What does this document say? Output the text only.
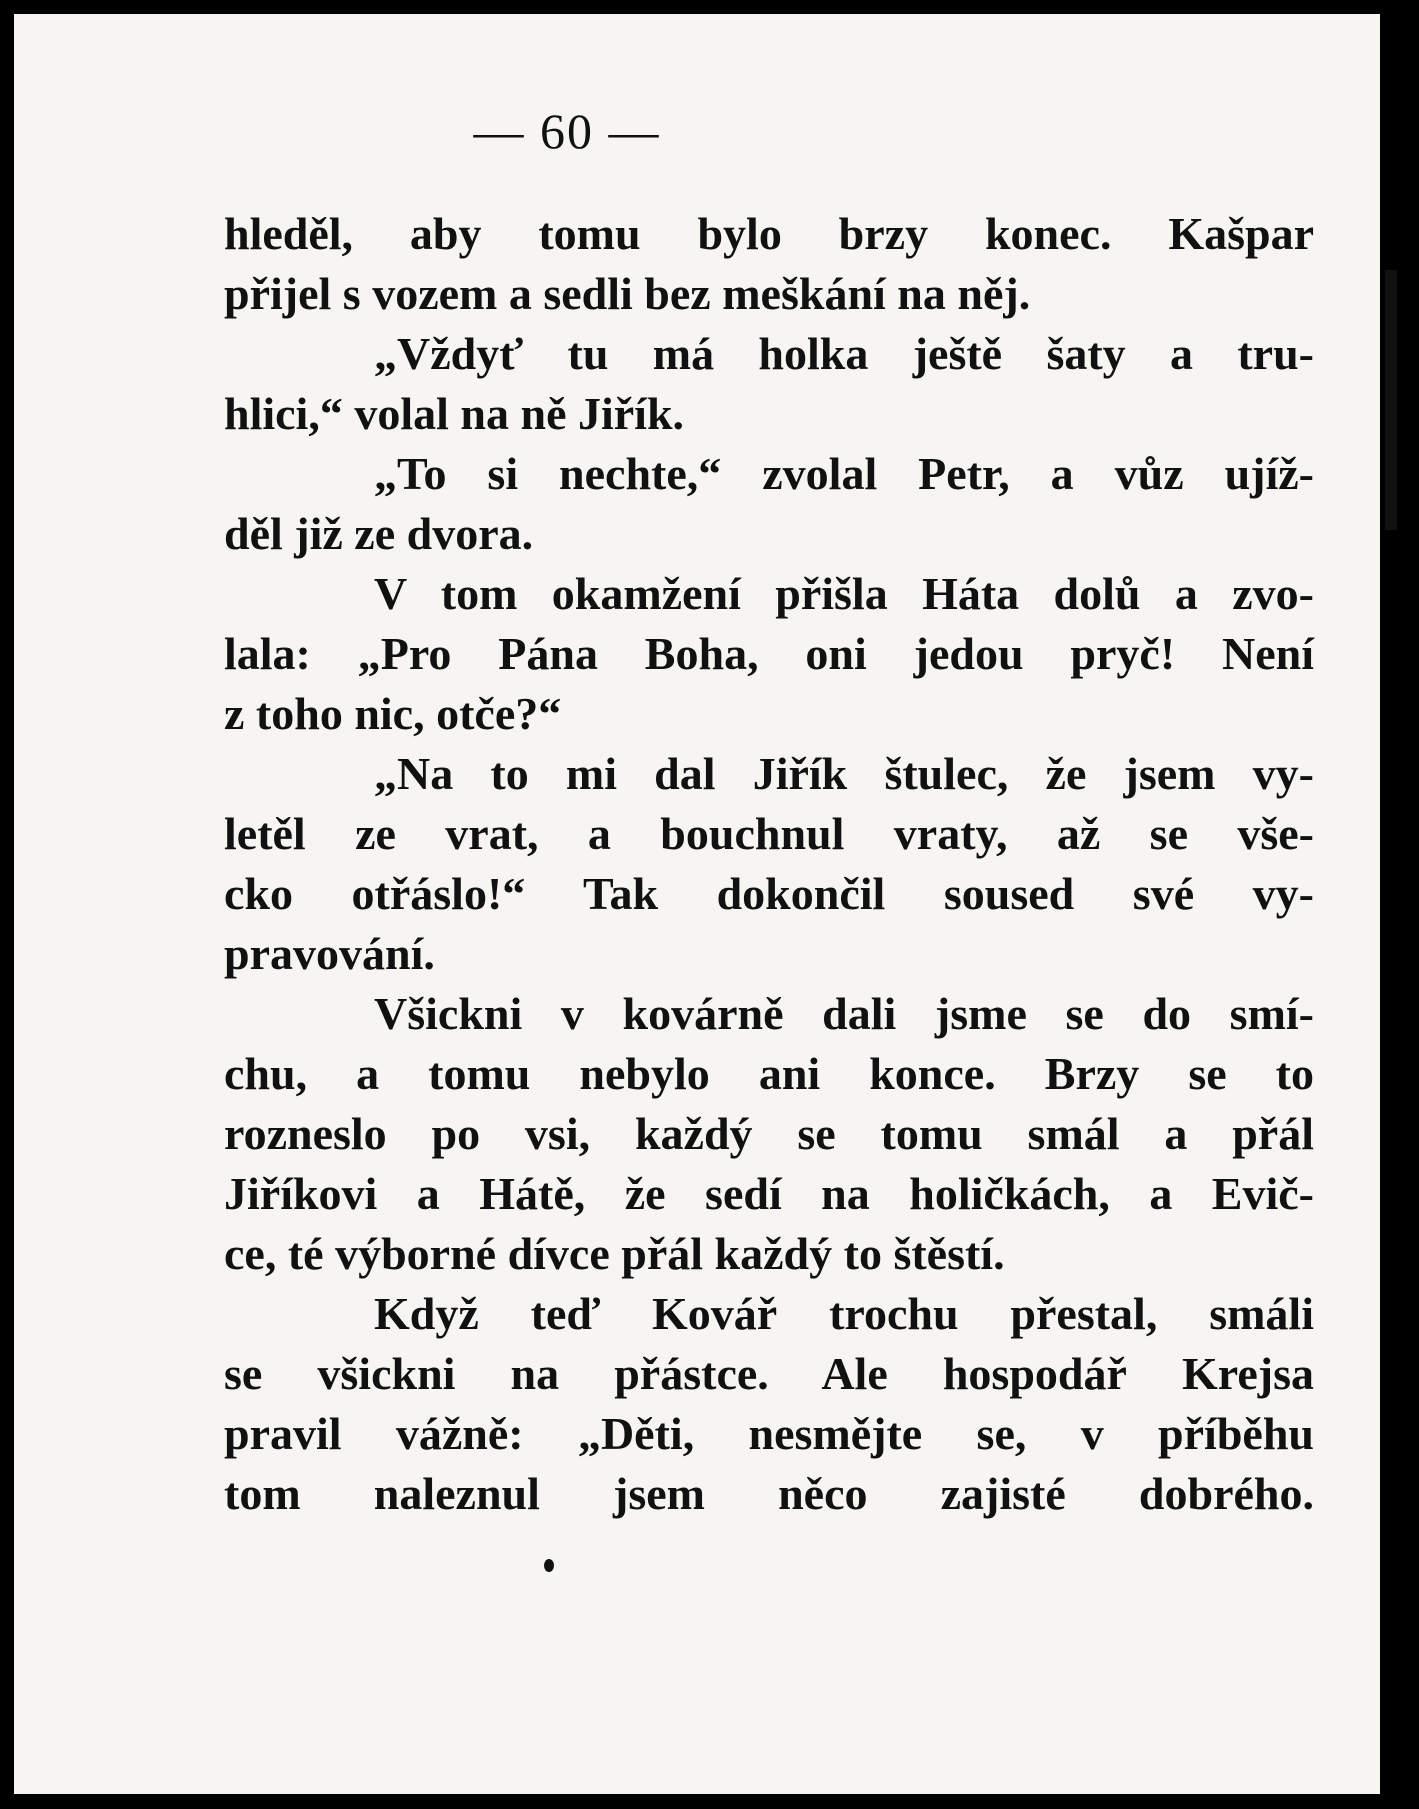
— 60 —
hleděl, aby tomu bylo brzy konec. Kašpar
přijel s vozem a sedli bez meškání na něj.
„Vždyť tu má holka ještě šaty a tru-
hlici,“ volal na ně Jiřík.
„To si nechte,“ zvolal Petr, a vůz ujíž-
děl již ze dvora.
V tom okamžení přišla Háta dolů a zvo-
lala: „Pro Pána Boha, oni jedou pryč! Není
z toho nic, otče?“
„Na to mi dal Jiřík štulec, že jsem vy-
letěl ze vrat, a bouchnul vraty, až se vše-
cko otřáslo!“ Tak dokončil soused své vy-
pravování.
Všickni v kovárně dali jsme se do smí-
chu, a tomu nebylo ani konce. Brzy se to
rozneslo po vsi, každý se tomu smál a přál
Jiříkovi a Hátě, že sedí na holičkách, a Evič-
ce, té výborné dívce přál každý to štěstí.
Když teď Kovář trochu přestal, smáli
se všickni na přástce. Ale hospodář Krejsa
pravil vážně: „Děti, nesmějte se, v příběhu
tom naleznul jsem něco zajisté dobrého.
